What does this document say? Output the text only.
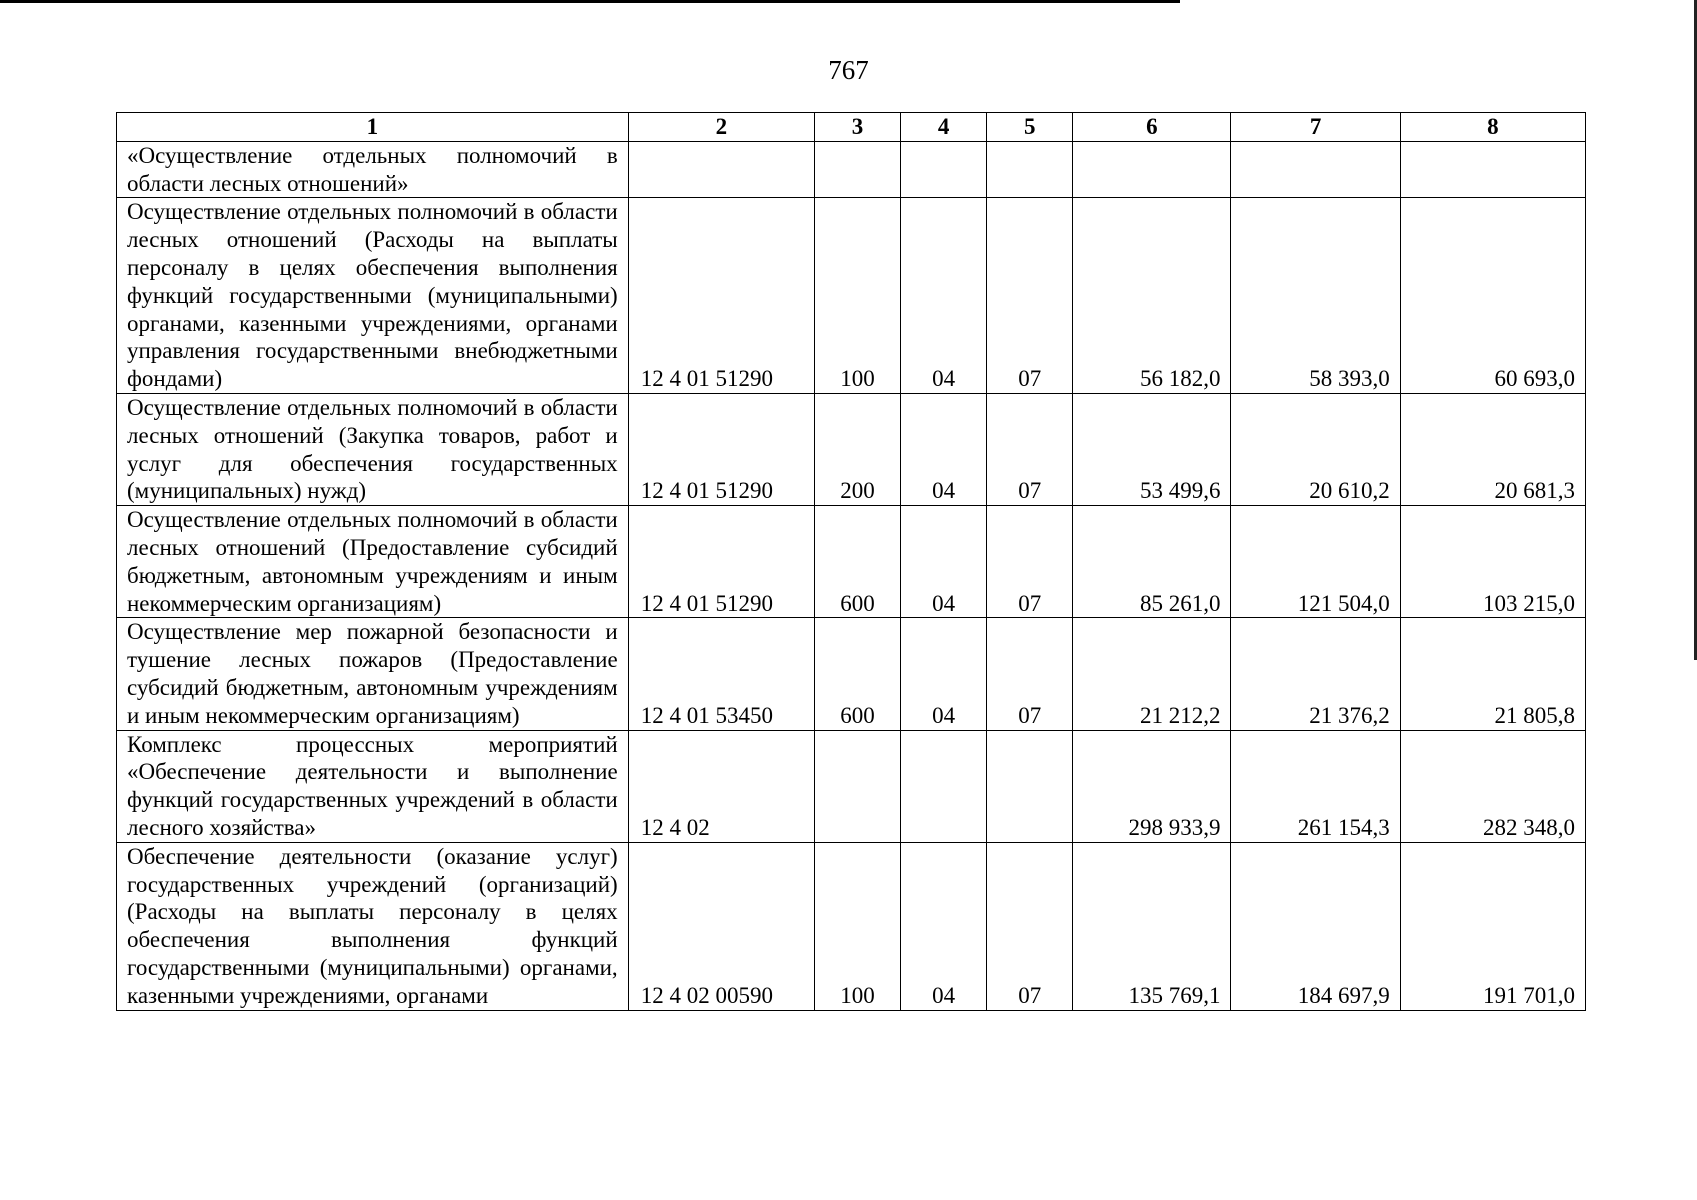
767
1	2	3	4	5	6	7	8
«Осуществление отдельных полномочий в области лесных отношений»							
Осуществление отдельных полномочий в области лесных отношений (Расходы на выплаты персоналу в целях обеспечения выполнения функций государственными (муниципальными) органами, казенными учреждениями, органами управления государственными внебюджетными фондами)	12 4 01 51290	100	04	07	56 182,0	58 393,0	60 693,0
Осуществление отдельных полномочий в области лесных отношений (Закупка товаров, работ и услуг для обеспечения государственных (муниципальных) нужд)	12 4 01 51290	200	04	07	53 499,6	20 610,2	20 681,3
Осуществление отдельных полномочий в области лесных отношений (Предоставление субсидий бюджетным, автономным учреждениям и иным некоммерческим организациям)	12 4 01 51290	600	04	07	85 261,0	121 504,0	103 215,0
Осуществление мер пожарной безопасности и тушение лесных пожаров (Предоставление субсидий бюджетным, автономным учреждениям и иным некоммерческим организациям)	12 4 01 53450	600	04	07	21 212,2	21 376,2	21 805,8
Комплекс процессных мероприятий «Обеспечение деятельности и выполнение функций государственных учреждений в области лесного хозяйства»	12 4 02				298 933,9	261 154,3	282 348,0
Обеспечение деятельности (оказание услуг) государственных учреждений (организаций) (Расходы на выплаты персоналу в целях обеспечения выполнения функций государственными (муниципальными) органами, казенными учреждениями, органами	12 4 02 00590	100	04	07	135 769,1	184 697,9	191 701,0
